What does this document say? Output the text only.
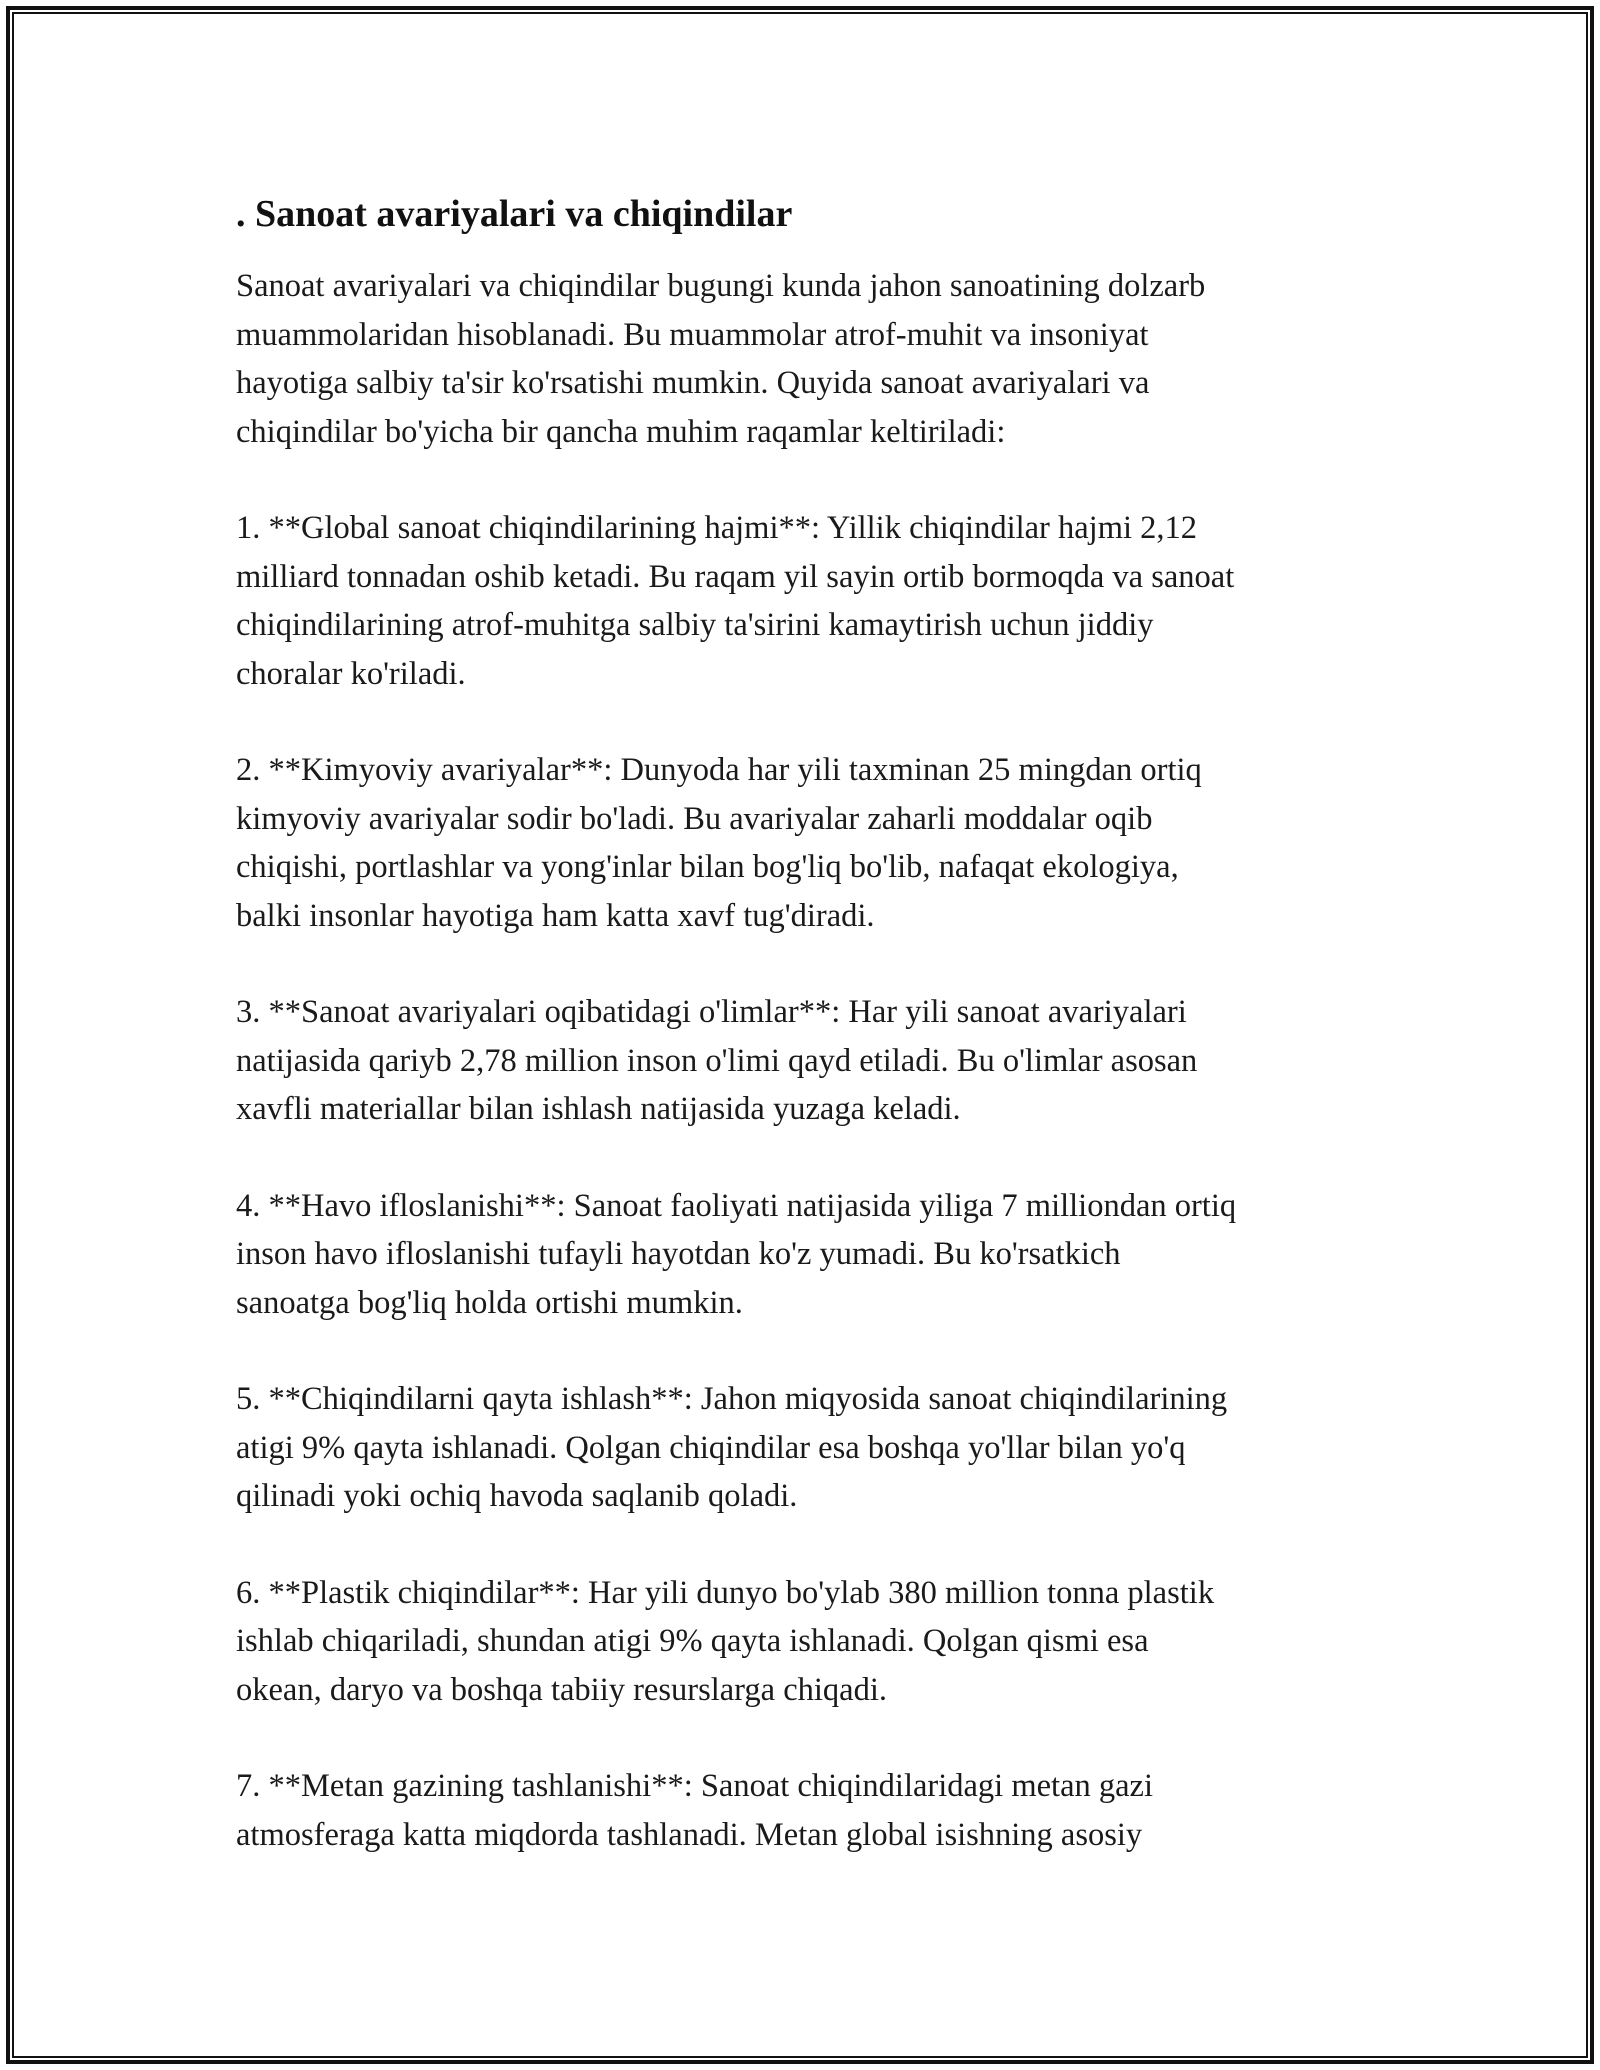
. Sanoat avariyalari va chiqindilar

Sanoat avariyalari va chiqindilar bugungi kunda jahon sanoatining dolzarb
muammolaridan hisoblanadi. Bu muammolar atrof-muhit va insoniyat
hayotiga salbiy ta'sir ko'rsatishi mumkin. Quyida sanoat avariyalari va
chiqindilar bo'yicha bir qancha muhim raqamlar keltiriladi:

1. **Global sanoat chiqindilarining hajmi**: Yillik chiqindilar hajmi 2,12
milliard tonnadan oshib ketadi. Bu raqam yil sayin ortib bormoqda va sanoat
chiqindilarining atrof-muhitga salbiy ta'sirini kamaytirish uchun jiddiy
choralar ko'riladi.

2. **Kimyoviy avariyalar**: Dunyoda har yili taxminan 25 mingdan ortiq
kimyoviy avariyalar sodir bo'ladi. Bu avariyalar zaharli moddalar oqib
chiqishi, portlashlar va yong'inlar bilan bog'liq bo'lib, nafaqat ekologiya,
balki insonlar hayotiga ham katta xavf tug'diradi.

3. **Sanoat avariyalari oqibatidagi o'limlar**: Har yili sanoat avariyalari
natijasida qariyb 2,78 million inson o'limi qayd etiladi. Bu o'limlar asosan
xavfli materiallar bilan ishlash natijasida yuzaga keladi.

4. **Havo ifloslanishi**: Sanoat faoliyati natijasida yiliga 7 milliondan ortiq
inson havo ifloslanishi tufayli hayotdan ko'z yumadi. Bu ko'rsatkich
sanoatga bog'liq holda ortishi mumkin.

5. **Chiqindilarni qayta ishlash**: Jahon miqyosida sanoat chiqindilarining
atigi 9% qayta ishlanadi. Qolgan chiqindilar esa boshqa yo'llar bilan yo'q
qilinadi yoki ochiq havoda saqlanib qoladi.

6. **Plastik chiqindilar**: Har yili dunyo bo'ylab 380 million tonna plastik
ishlab chiqariladi, shundan atigi 9% qayta ishlanadi. Qolgan qismi esa
okean, daryo va boshqa tabiiy resurslarga chiqadi.

7. **Metan gazining tashlanishi**: Sanoat chiqindilaridagi metan gazi
atmosferaga katta miqdorda tashlanadi. Metan global isishning asosiy
